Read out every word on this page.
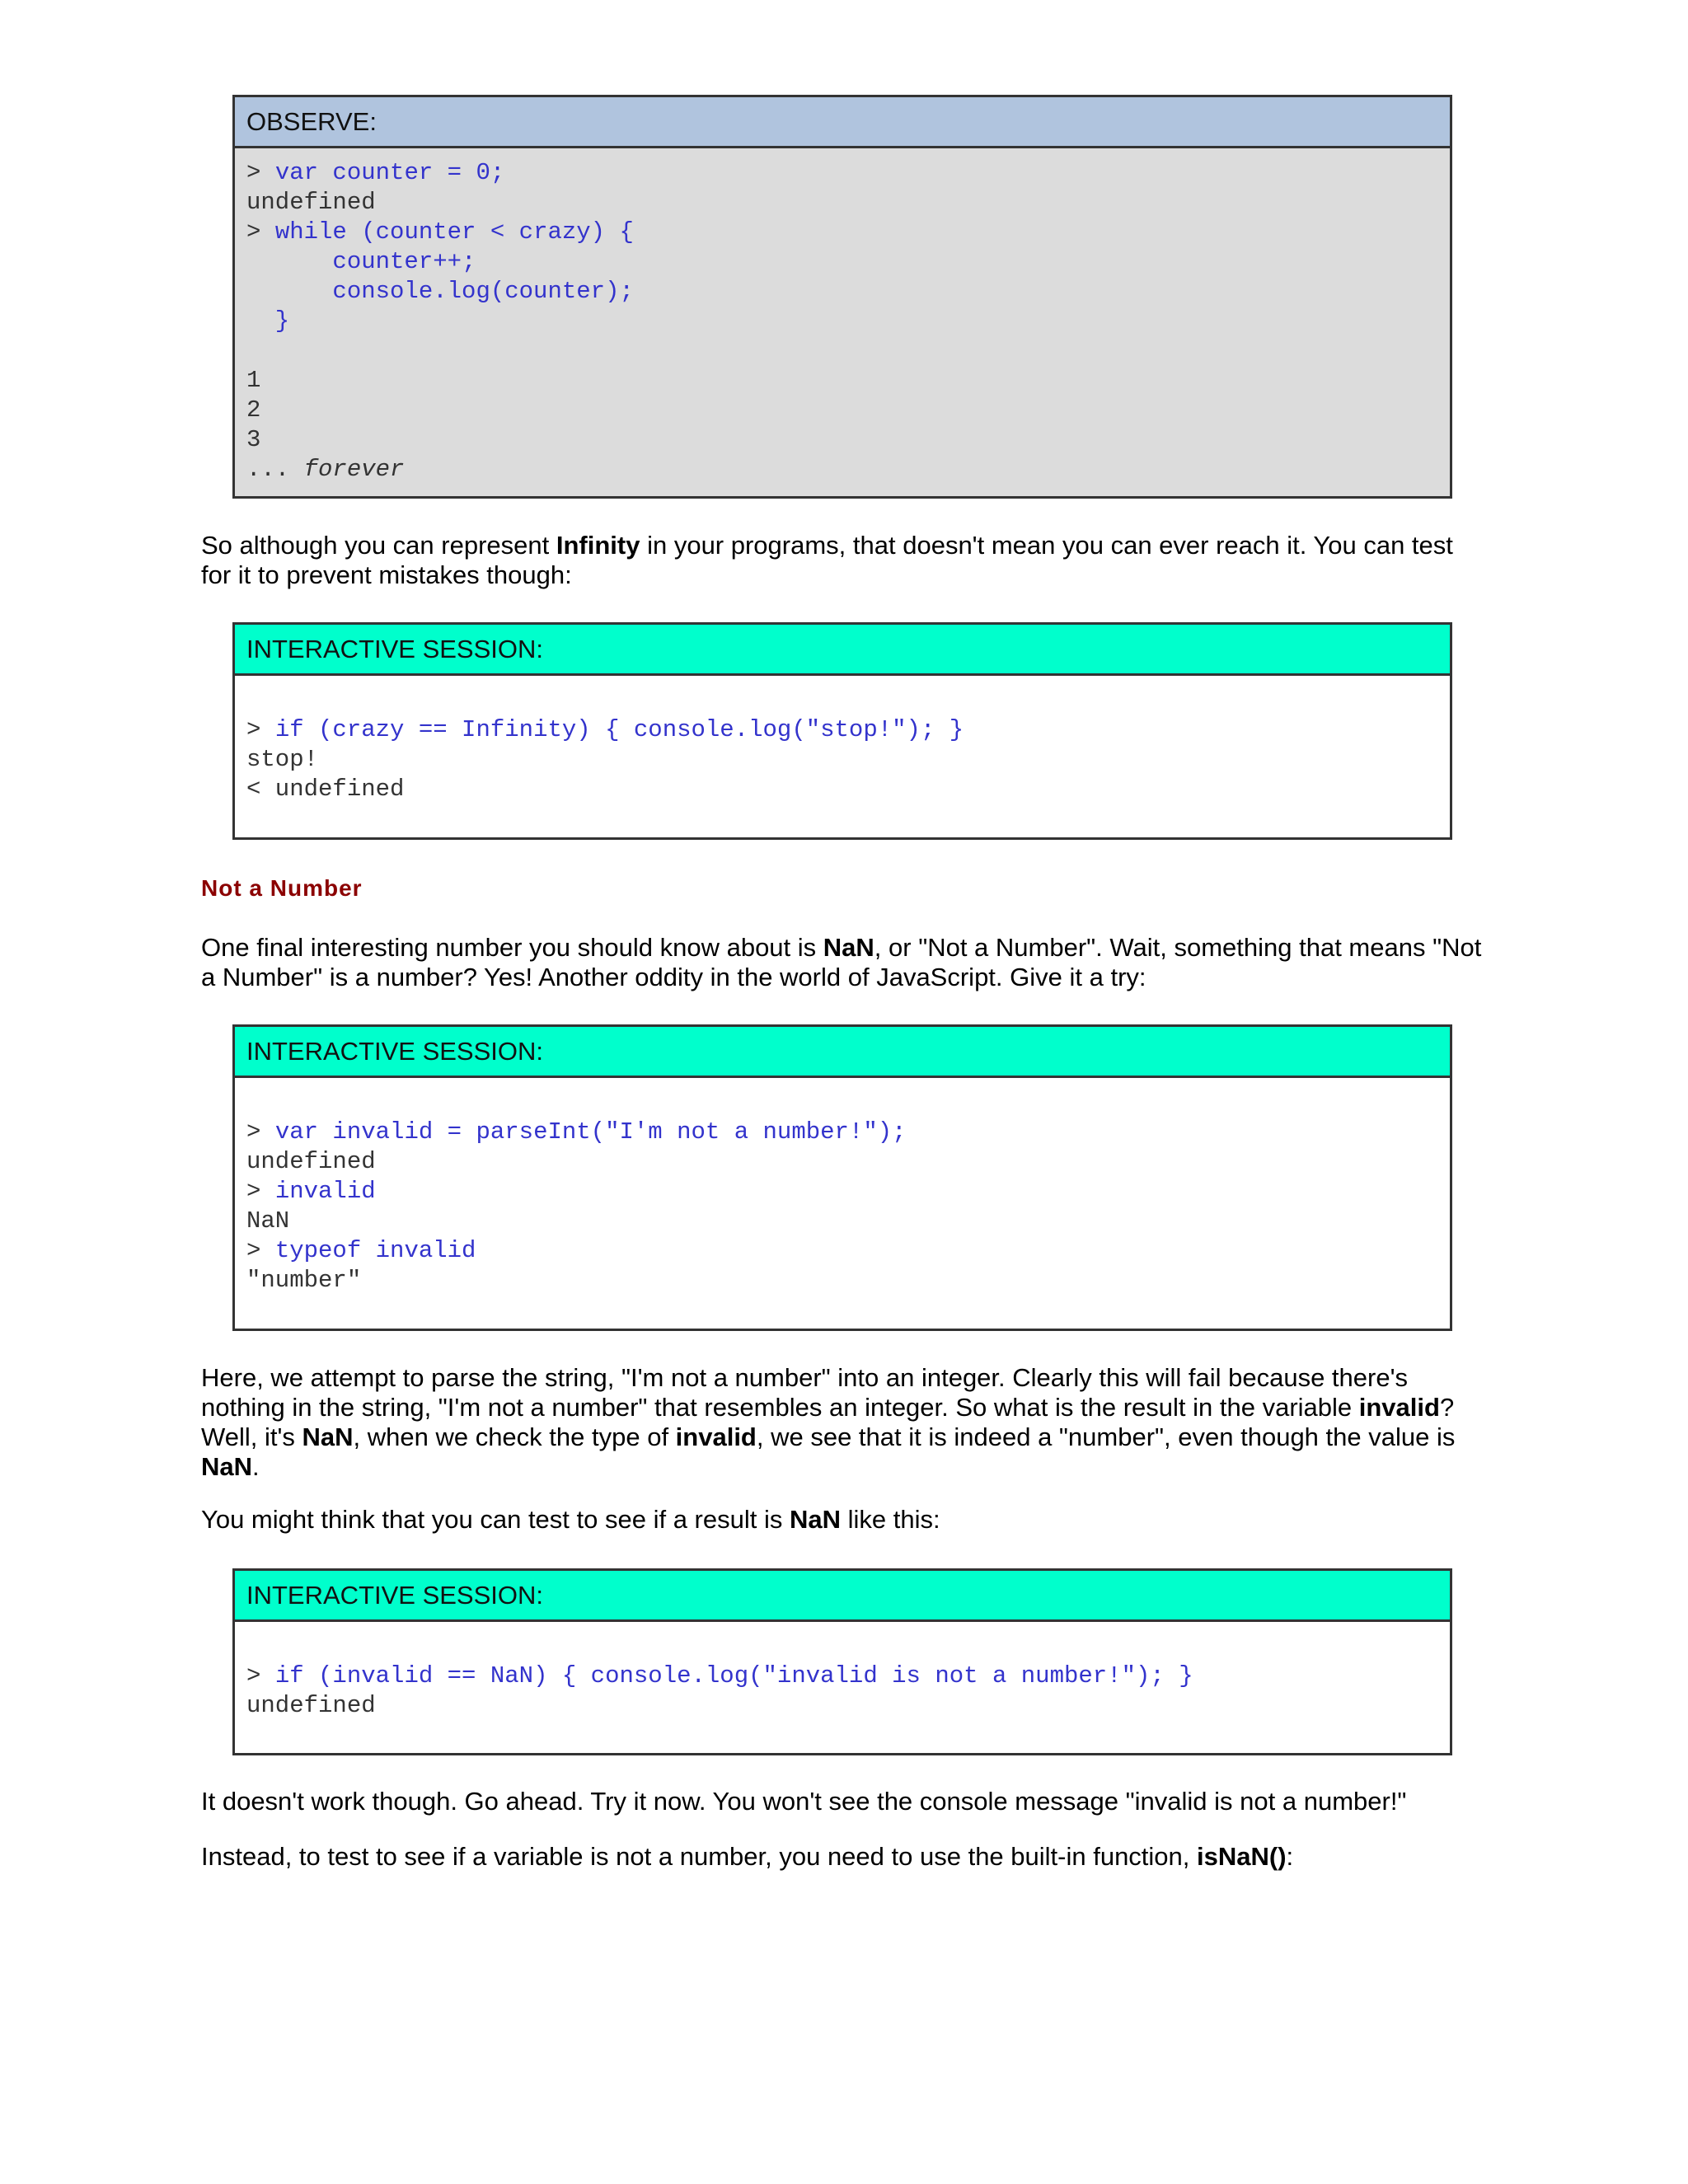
OBSERVE:
> var counter = 0;
undefined
> while (counter < crazy) {
counter++;
console.log(counter);
}
1
2
3
... forever
So although you can represent Infinity in your programs, that doesn't mean you can ever reach it. You can test for it to prevent mistakes though:
INTERACTIVE SESSION:
> if (crazy == Infinity) { console.log("stop!"); }
stop!
< undefined
Not a Number
One final interesting number you should know about is NaN, or "Not a Number". Wait, something that means "Not a Number" is a number? Yes! Another oddity in the world of JavaScript. Give it a try:
INTERACTIVE SESSION:
> var invalid = parseInt("I'm not a number!");
undefined
> invalid
NaN
> typeof invalid
"number"
Here, we attempt to parse the string, "I'm not a number" into an integer. Clearly this will fail because there's nothing in the string, "I'm not a number" that resembles an integer. So what is the result in the variable invalid? Well, it's NaN, when we check the type of invalid, we see that it is indeed a "number", even though the value is NaN.
You might think that you can test to see if a result is NaN like this:
INTERACTIVE SESSION:
> if (invalid == NaN) { console.log("invalid is not a number!"); }
undefined
It doesn't work though. Go ahead. Try it now. You won't see the console message "invalid is not a number!"
Instead, to test to see if a variable is not a number, you need to use the built-in function, isNaN():
